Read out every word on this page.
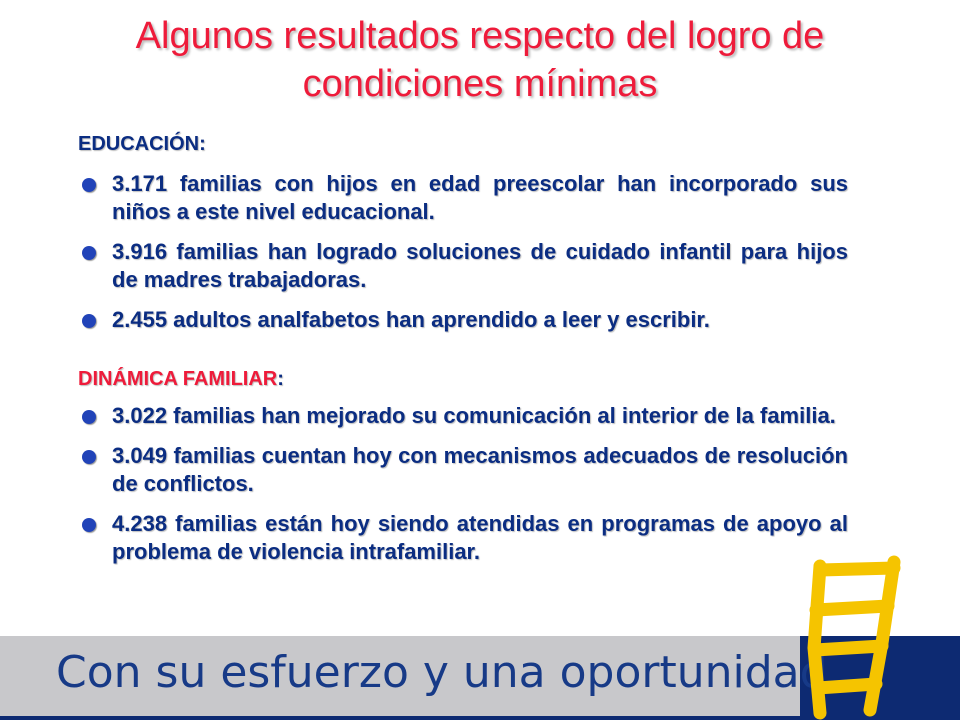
Algunos resultados respecto del logro de
condiciones mínimas
EDUCACIÓN:
3.171 familias con hijos en edad preescolar han incorporado sus niños a este nivel educacional.
3.916 familias han logrado soluciones de cuidado infantil para hijos de madres trabajadoras.
2.455 adultos analfabetos han aprendido a leer y escribir.
DINÁMICA FAMILIAR:
3.022 familias han mejorado su comunicación al interior de la familia.
3.049 familias cuentan hoy con mecanismos adecuados de resolución de conflictos.
4.238 familias están hoy siendo atendidas en programas de apoyo al problema de violencia intrafamiliar.
Con su esfuerzo y una oportunidad
